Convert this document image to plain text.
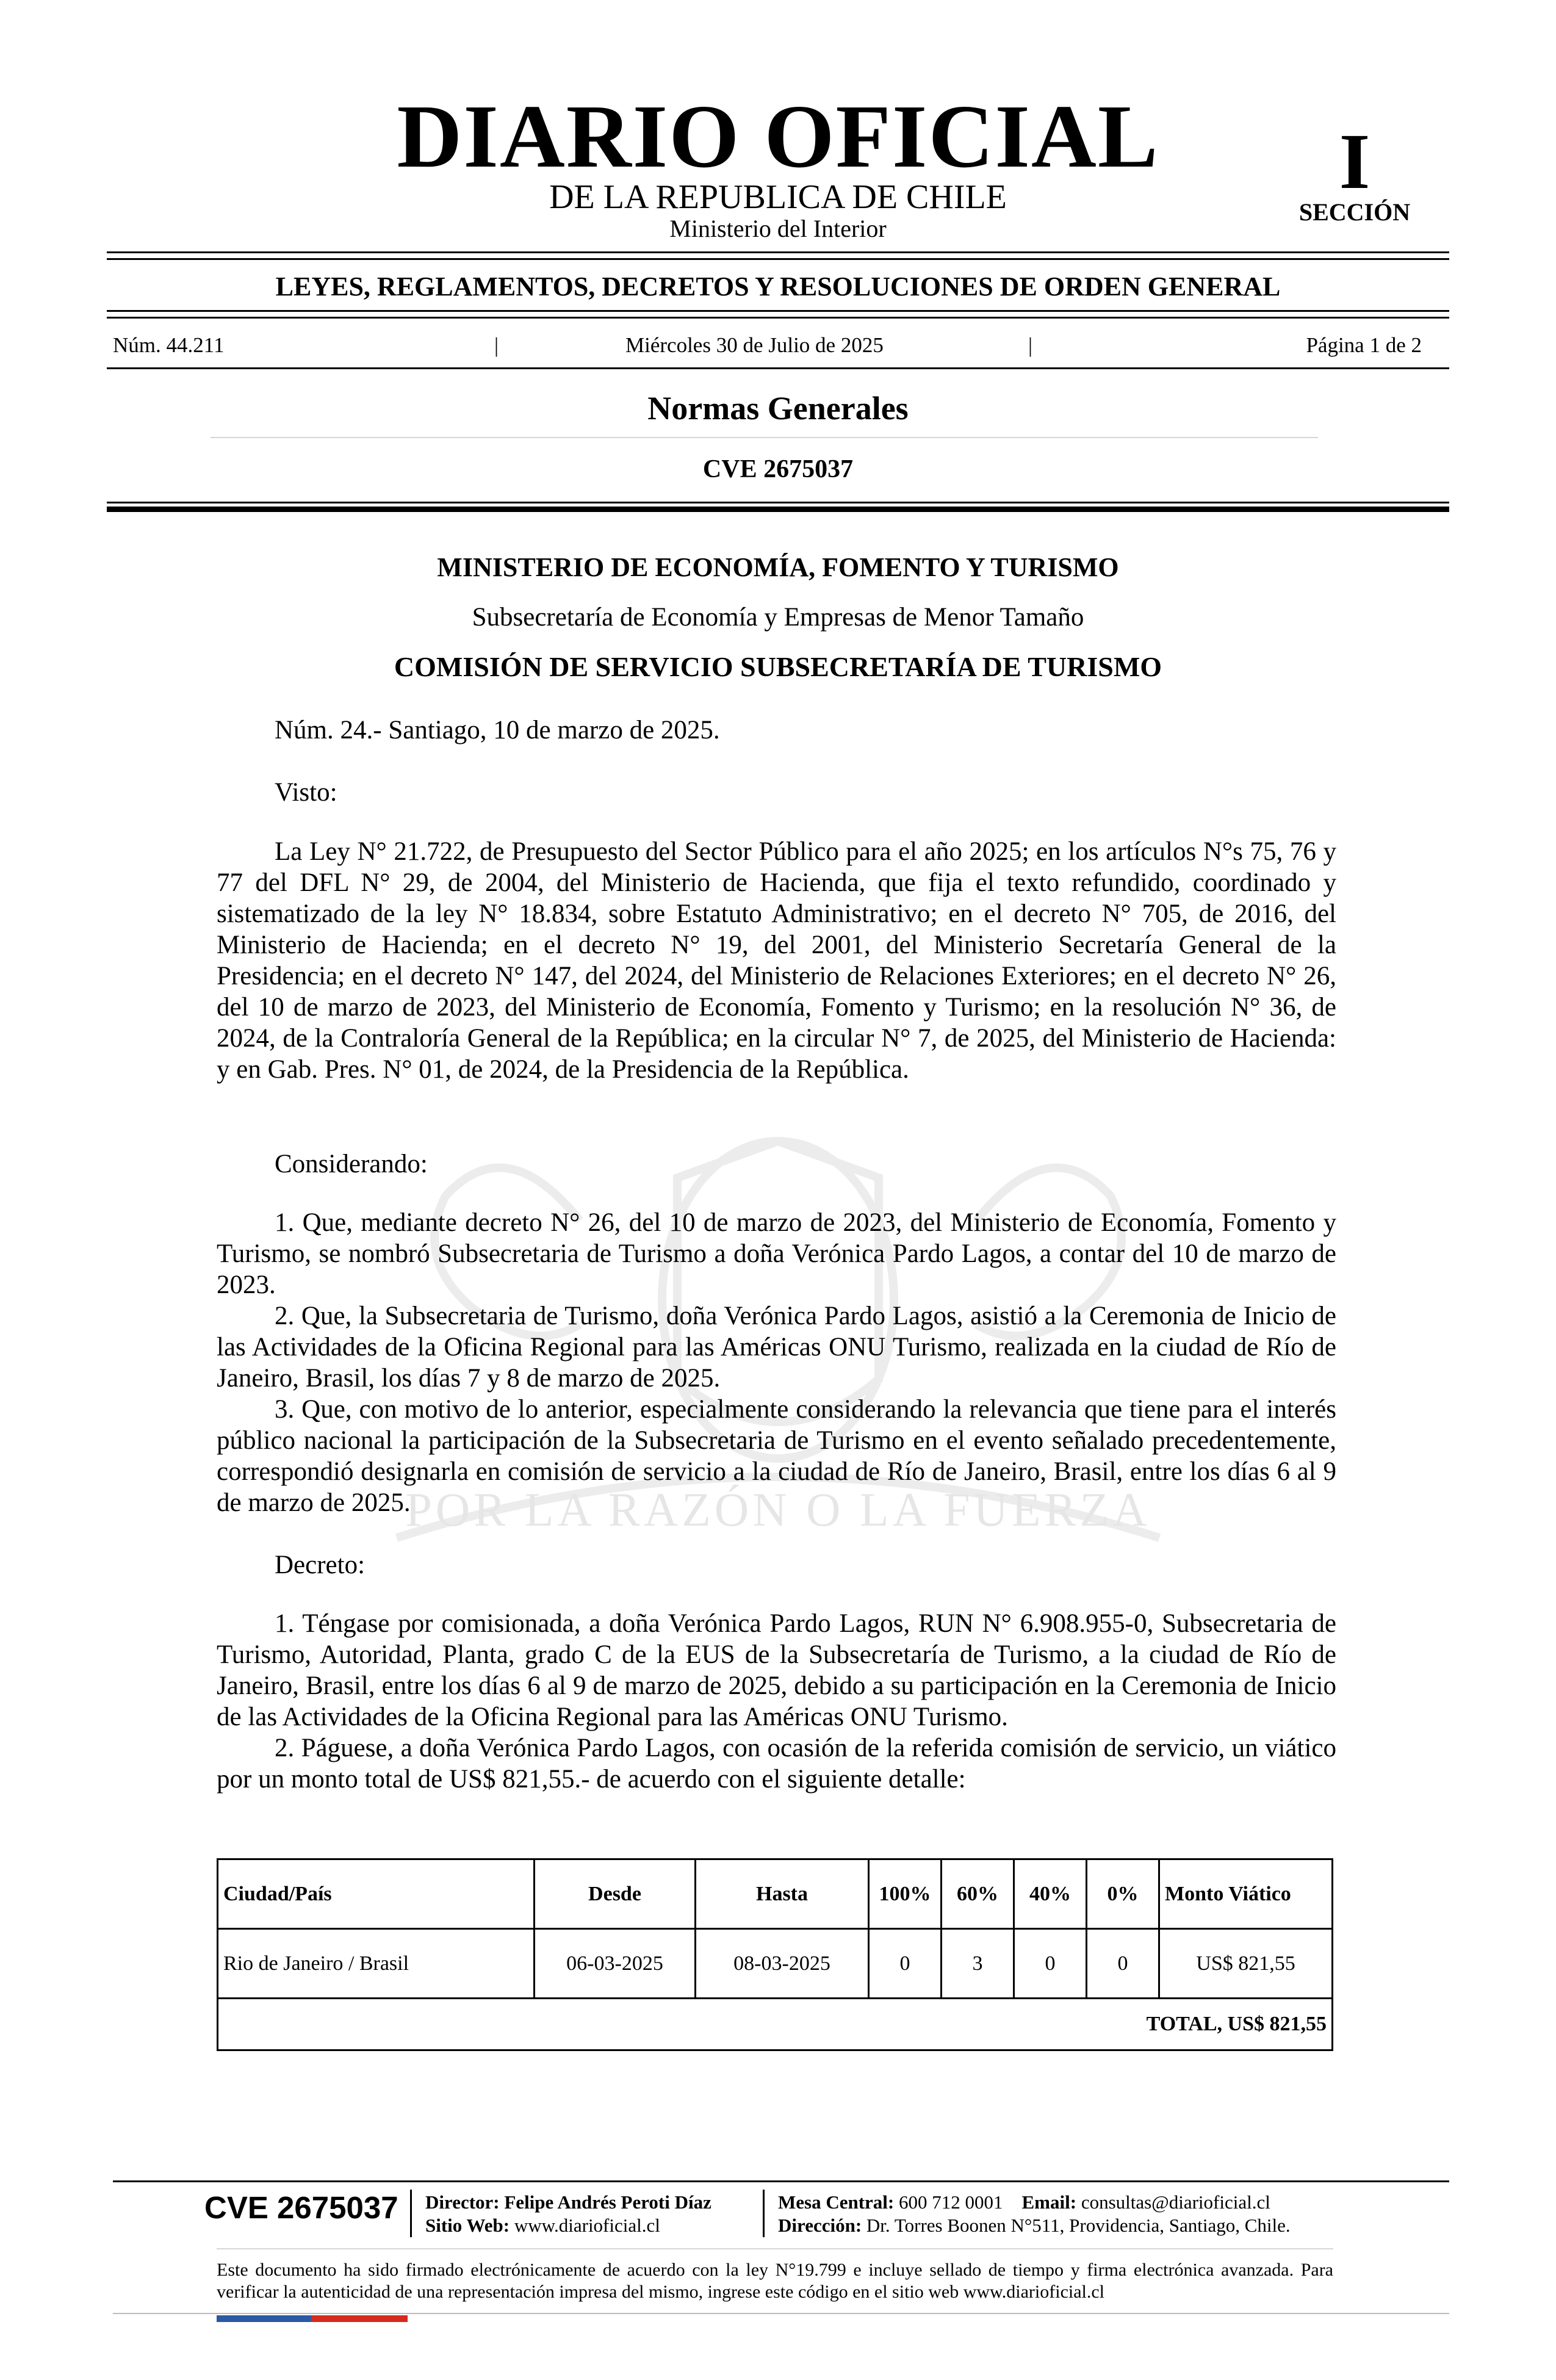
POR LA RAZÓN O LA FUERZA
DIARIO OFICIAL
DE LA REPUBLICA DE CHILE
Ministerio del Interior
I
SECCIÓN
LEYES, REGLAMENTOS, DECRETOS Y RESOLUCIONES DE ORDEN GENERAL
Núm. 44.211	|	Miércoles 30 de Julio de 2025	|	Página 1 de 2
Normas Generales
CVE 2675037
MINISTERIO DE ECONOMÍA, FOMENTO Y TURISMO
Subsecretaría de Economía y Empresas de Menor Tamaño
COMISIÓN DE SERVICIO SUBSECRETARÍA DE TURISMO
Núm. 24.- Santiago, 10 de marzo de 2025.
Visto:

La Ley N° 21.722, de Presupuesto del Sector Público para el año 2025; en los artículos N°s 75, 76 y 77 del DFL N° 29, de 2004, del Ministerio de Hacienda, que fija el texto refundido, coordinado y sistematizado de la ley N° 18.834, sobre Estatuto Administrativo; en el decreto N° 705, de 2016, del Ministerio de Hacienda; en el decreto N° 19, del 2001, del Ministerio Secretaría General de la Presidencia; en el decreto N° 147, del 2024, del Ministerio de Relaciones Exteriores; en el decreto N° 26, del 10 de marzo de 2023, del Ministerio de Economía, Fomento y Turismo; en la resolución N° 36, de 2024, de la Contraloría General de la República; en la circular N° 7, de 2025, del Ministerio de Hacienda: y en Gab. Pres. N° 01, de 2024, de la Presidencia de la República.

Considerando:

1. Que, mediante decreto N° 26, del 10 de marzo de 2023, del Ministerio de Economía, Fomento y Turismo, se nombró Subsecretaria de Turismo a doña Verónica Pardo Lagos, a contar del 10 de marzo de 2023.

2. Que, la Subsecretaria de Turismo, doña Verónica Pardo Lagos, asistió a la Ceremonia de Inicio de las Actividades de la Oficina Regional para las Américas ONU Turismo, realizada en la ciudad de Río de Janeiro, Brasil, los días 7 y 8 de marzo de 2025.

3. Que, con motivo de lo anterior, especialmente considerando la relevancia que tiene para el interés público nacional la participación de la Subsecretaria de Turismo en el evento señalado precedentemente, correspondió designarla en comisión de servicio a la ciudad de Río de Janeiro, Brasil, entre los días 6 al 9 de marzo de 2025.

Decreto:

1. Téngase por comisionada, a doña Verónica Pardo Lagos, RUN N° 6.908.955-0, Subsecretaria de Turismo, Autoridad, Planta, grado C de la EUS de la Subsecretaría de Turismo, a la ciudad de Río de Janeiro, Brasil, entre los días 6 al 9 de marzo de 2025, debido a su participación en la Ceremonia de Inicio de las Actividades de la Oficina Regional para las Américas ONU Turismo.

2. Páguese, a doña Verónica Pardo Lagos, con ocasión de la referida comisión de servicio, un viático por un monto total de US$ 821,55.- de acuerdo con el siguiente detalle:

Ciudad/País	Desde	Hasta	100%	60%	40%	0%	Monto Viático
Rio de Janeiro / Brasil	06-03-2025	08-03-2025	0	3	0	0	US$ 821,55
TOTAL, US$ 821,55							
CVE 2675037 Director: Felipe Andrés Peroti Díaz
Sitio Web: www.diarioficial.cl
Mesa Central: 600 712 0001 Email: consultas@diarioficial.cl
Dirección: Dr. Torres Boonen N°511, Providencia, Santiago, Chile.
Este documento ha sido firmado electrónicamente de acuerdo con la ley N°19.799 e incluye sellado de tiempo y firma electrónica avanzada. Para verificar la autenticidad de una representación impresa del mismo, ingrese este código en el sitio web www.diarioficial.cl
